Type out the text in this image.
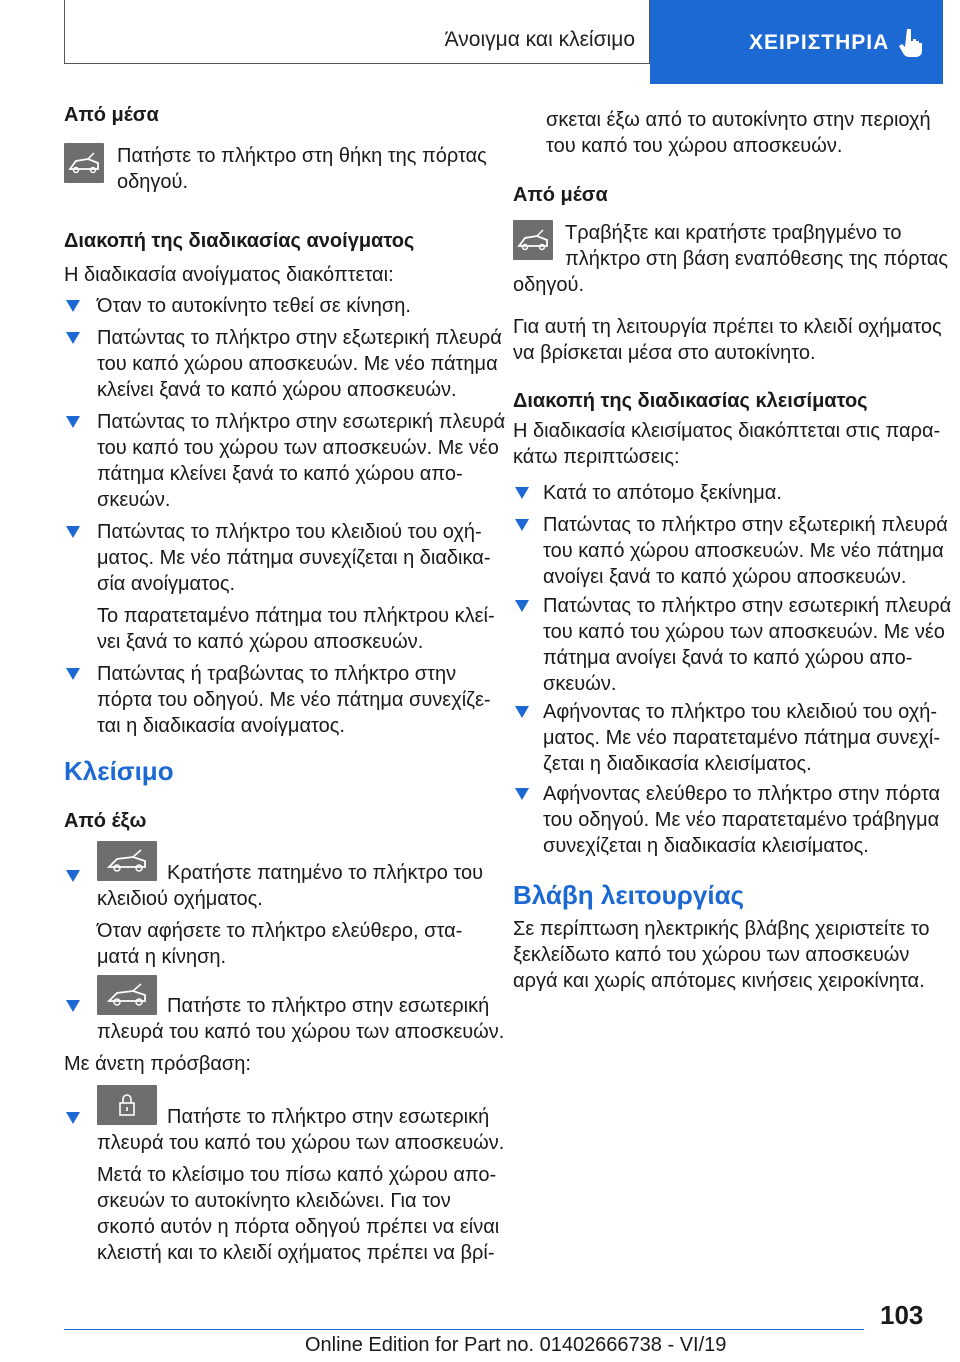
Άνοιγμα και κλείσιμο	ΧΕΙΡΙΣΤΗΡΙΑ
Από μέσα
Πατήστε το πλήκτρο στη θήκη της πόρτας
οδηγού.
Διακοπή της διαδικασίας ανοίγματος
Η διαδικασία ανοίγματος διακόπτεται:
Όταν το αυτοκίνητο τεθεί σε κίνηση.
Πατώντας το πλήκτρο στην εξωτερική πλευρά
του καπό χώρου αποσκευών. Με νέο πάτημα
κλείνει ξανά το καπό χώρου αποσκευών.
Πατώντας το πλήκτρο στην εσωτερική πλευρά
του καπό του χώρου των αποσκευών. Με νέο
πάτημα κλείνει ξανά το καπό χώρου απο-
σκευών.
Πατώντας το πλήκτρο του κλειδιού του οχή-
ματος. Με νέο πάτημα συνεχίζεται η διαδικα-
σία ανοίγματος.
Το παρατεταμένο πάτημα του πλήκτρου κλεί-
νει ξανά το καπό χώρου αποσκευών.
Πατώντας ή τραβώντας το πλήκτρο στην
πόρτα του οδηγού. Με νέο πάτημα συνεχίζε-
ται η διαδικασία ανοίγματος.
Κλείσιμο
Από έξω
Κρατήστε πατημένο το πλήκτρο του
κλειδιού οχήματος.
Όταν αφήσετε το πλήκτρο ελεύθερο, στα-
ματά η κίνηση.
Πατήστε το πλήκτρο στην εσωτερική
πλευρά του καπό του χώρου των αποσκευών.
Με άνετη πρόσβαση:
Πατήστε το πλήκτρο στην εσωτερική
πλευρά του καπό του χώρου των αποσκευών.
Μετά το κλείσιμο του πίσω καπό χώρου απο-
σκευών το αυτοκίνητο κλειδώνει. Για τον
σκοπό αυτόν η πόρτα οδηγού πρέπει να είναι
κλειστή και το κλειδί οχήματος πρέπει να βρί-
σκεται έξω από το αυτοκίνητο στην περιοχή
του καπό του χώρου αποσκευών.
Από μέσα
Τραβήξτε και κρατήστε τραβηγμένο το
πλήκτρο στη βάση εναπόθεσης της πόρτας
οδηγού.
Για αυτή τη λειτουργία πρέπει το κλειδί οχήματος
να βρίσκεται μέσα στο αυτοκίνητο.
Διακοπή της διαδικασίας κλεισίματος
Η διαδικασία κλεισίματος διακόπτεται στις παρα-
κάτω περιπτώσεις:
Κατά το απότομο ξεκίνημα.
Πατώντας το πλήκτρο στην εξωτερική πλευρά
του καπό χώρου αποσκευών. Με νέο πάτημα
ανοίγει ξανά το καπό χώρου αποσκευών.
Πατώντας το πλήκτρο στην εσωτερική πλευρά
του καπό του χώρου των αποσκευών. Με νέο
πάτημα ανοίγει ξανά το καπό χώρου απο-
σκευών.
Αφήνοντας το πλήκτρο του κλειδιού του οχή-
ματος. Με νέο παρατεταμένο πάτημα συνεχί-
ζεται η διαδικασία κλεισίματος.
Αφήνοντας ελεύθερο το πλήκτρο στην πόρτα
του οδηγού. Με νέο παρατεταμένο τράβηγμα
συνεχίζεται η διαδικασία κλεισίματος.
Βλάβη λειτουργίας
Σε περίπτωση ηλεκτρικής βλάβης χειριστείτε το
ξεκλείδωτο καπό του χώρου των αποσκευών
αργά και χωρίς απότομες κινήσεις χειροκίνητα.
103
Online Edition for Part no. 01402666738 - VI/19
